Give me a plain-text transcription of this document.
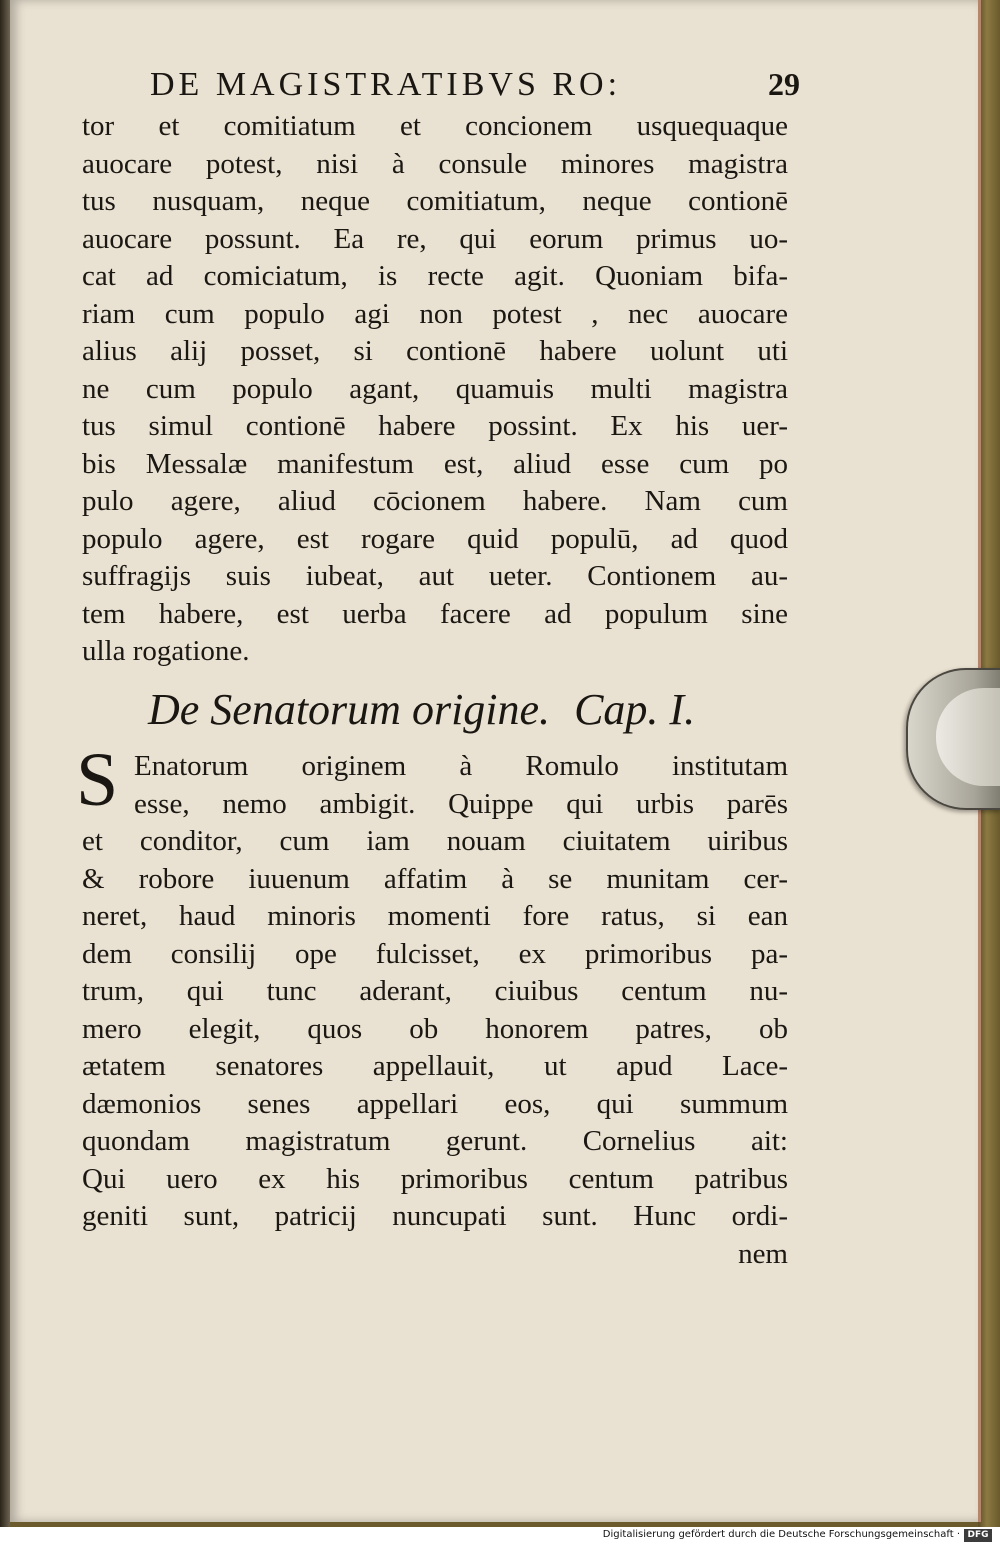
DE MAGISTRATIBVS RO:	29
tor et comitiatum et concionem usquequaque
auocare potest, nisi à consule minores magistra
tus nusquam, neque comitiatum, neque contionē
auocare possunt. Ea re, qui eorum primus uo-
cat ad comiciatum, is recte agit. Quoniam bifa-
riam cum populo agi non potest , nec auocare
alius alij posset, si contionē habere uolunt uti
ne cum populo agant, quamuis multi magistra
tus simul contionē habere possint. Ex his uer-
bis Messalæ manifestum est, aliud esse cum po
pulo agere, aliud cōcionem habere. Nam cum
populo agere, est rogare quid populū, ad quod
suffragijs suis iubeat, aut ueter. Contionem au-
tem habere, est uerba facere ad populum sine
ulla rogatione.
De Senatorum origine. Cap. I.
S Enatorum originem à Romulo institutam
esse, nemo ambigit. Quippe qui urbis parēs
et conditor, cum iam nouam ciuitatem uiribus
& robore iuuenum affatim à se munitam cer-
neret, haud minoris momenti fore ratus, si ean
dem consilij ope fulcisset, ex primoribus pa-
trum, qui tunc aderant, ciuibus centum nu-
mero elegit, quos ob honorem patres, ob
ætatem senatores appellauit, ut apud Lace-
dæmonios senes appellari eos, qui summum
quondam magistratum gerunt. Cornelius ait:
Qui uero ex his primoribus centum patribus
geniti sunt, patricij nuncupati sunt. Hunc ordi-
nem
Digitalisierung gefördert durch die Deutsche Forschungsgemeinschaft · DFG
